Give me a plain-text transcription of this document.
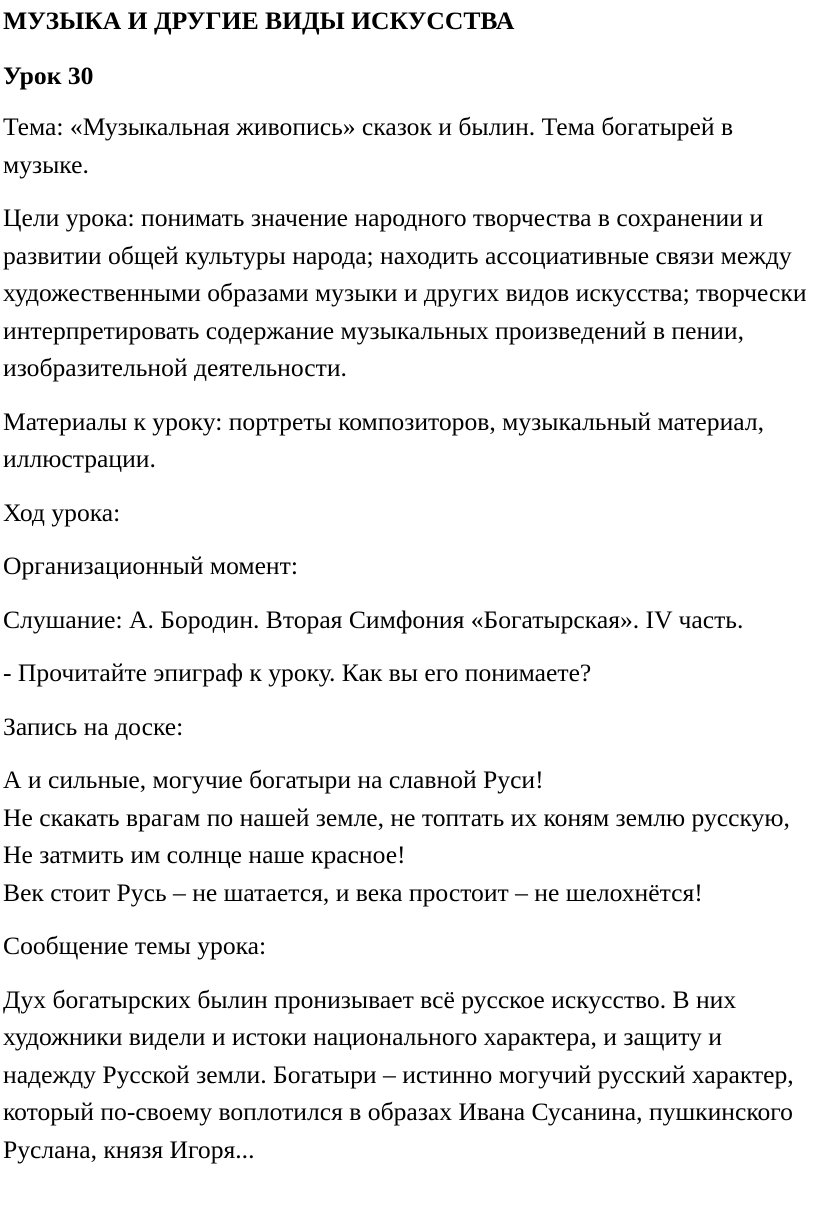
МУЗЫКА И ДРУГИЕ ВИДЫ ИСКУССТВА

Урок 30

Тема: «Музыкальная живопись» сказок и былин. Тема богатырей в музыке.

Цели урока: понимать значение народного творчества в сохранении и развитии общей культуры народа; находить ассоциативные связи между художественными образами музыки и других видов искусства; творчески интерпретировать содержание музыкальных произведений в пении, изобразительной деятельности.

Материалы к уроку: портреты композиторов, музыкальный материал, иллюстрации.

Ход урока:

Организационный момент:

Слушание: А. Бородин. Вторая Симфония «Богатырская». IV часть.

- Прочитайте эпиграф к уроку. Как вы его понимаете?

Запись на доске:

А и сильные, могучие богатыри на славной Руси!
Не скакать врагам по нашей земле, не топтать их коням землю русскую,
Не затмить им солнце наше красное!
Век стоит Русь – не шатается, и века простоит – не шелохнётся!

Сообщение темы урока:

Дух богатырских былин пронизывает всё русское искусство. В них художники видели и истоки национального характера, и защиту и надежду Русской земли. Богатыри – истинно могучий русский характер, который по-своему воплотился в образах Ивана Сусанина, пушкинского Руслана, князя Игоря...
